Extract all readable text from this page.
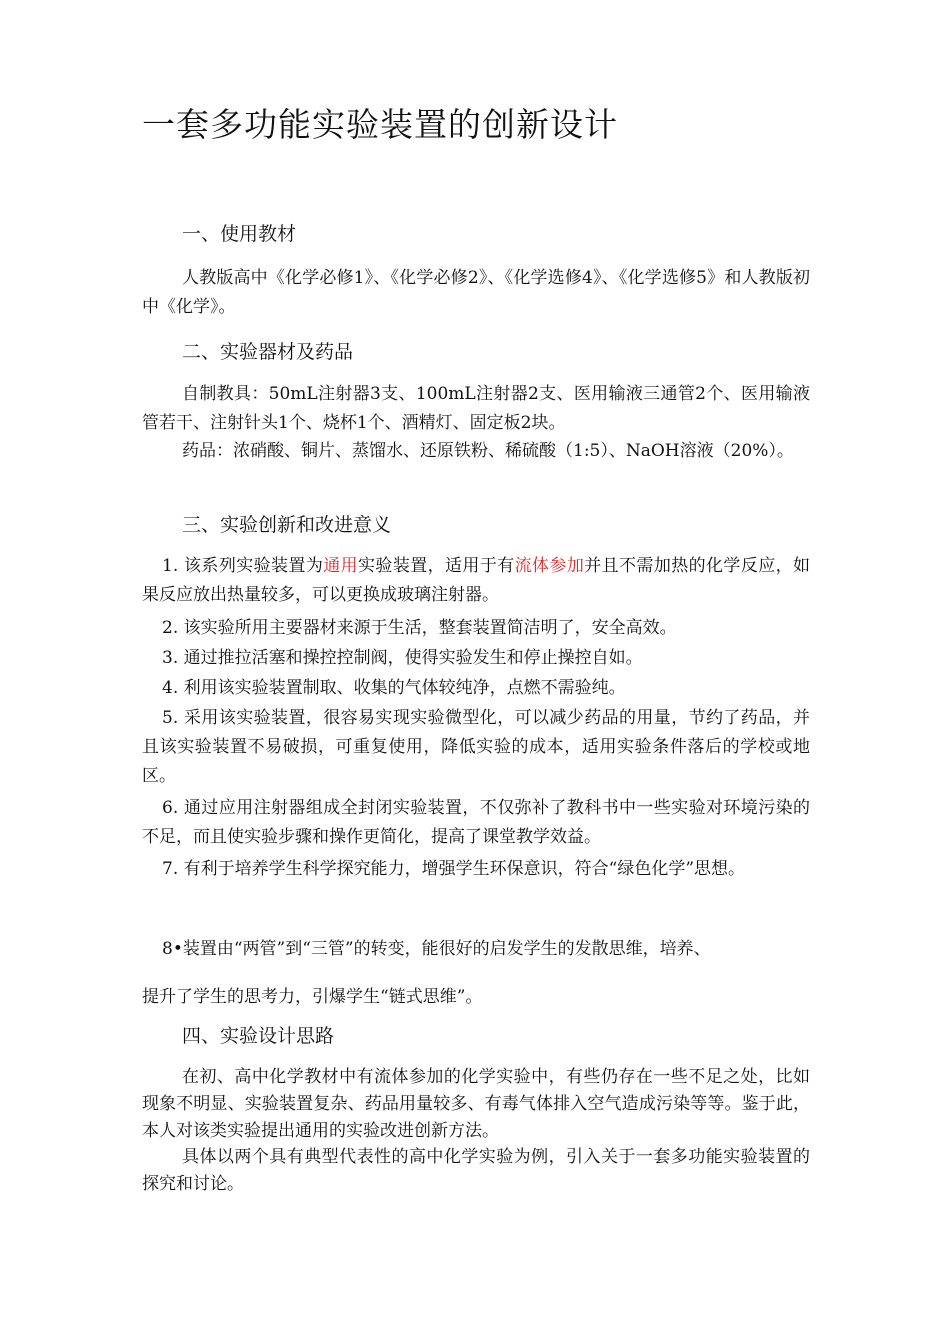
一套多功能实验装置的创新设计
一、使用教材

人教版高中《化学必修1》、《化学必修2》、《化学选修4》、《化学选修5》和人教版初中《化学》。

二、实验器材及药品

自制教具：50mL注射器3支、100mL注射器2支、医用输液三通管2个、医用输液管若干、注射针头1个、烧杯1个、酒精灯、固定板2块。

药品：浓硝酸、铜片、蒸馏水、还原铁粉、稀硫酸（1:5）、NaOH溶液（20%）。

三、实验创新和改进意义

1. 该系列实验装置为通用实验装置，适用于有流体参加并且不需加热的化学反应，如果反应放出热量较多，可以更换成玻璃注射器。

2. 该实验所用主要器材来源于生活，整套装置简洁明了，安全高效。

3. 通过推拉活塞和操控控制阀，使得实验发生和停止操控自如。

4. 利用该实验装置制取、收集的气体较纯净，点燃不需验纯。

5. 采用该实验装置，很容易实现实验微型化，可以减少药品的用量，节约了药品，并且该实验装置不易破损，可重复使用，降低实验的成本，适用实验条件落后的学校或地区。

6. 通过应用注射器组成全封闭实验装置，不仅弥补了教科书中一些实验对环境污染的不足，而且使实验步骤和操作更简化，提高了课堂教学效益。

7. 有利于培养学生科学探究能力，增强学生环保意识，符合“绿色化学”思想。

8•装置由“两管”到“三管”的转变，能很好的启发学生的发散思维，培养、

提升了学生的思考力，引爆学生“链式思维”。

四、实验设计思路

在初、高中化学教材中有流体参加的化学实验中，有些仍存在一些不足之处，比如现象不明显、实验装置复杂、药品用量较多、有毒气体排入空气造成污染等等。鉴于此，本人对该类实验提出通用的实验改进创新方法。

具体以两个具有典型代表性的高中化学实验为例，引入关于一套多功能实验装置的探究和讨论。
